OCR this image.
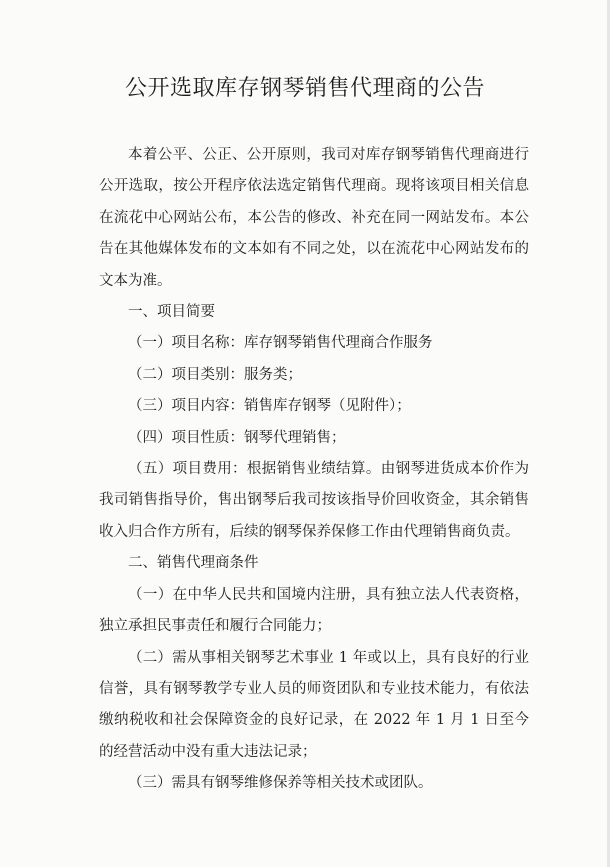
公开选取库存钢琴销售代理商的公告

本着公平、公正、公开原则，我司对库存钢琴销售代理商进行公开选取，按公开程序依法选定销售代理商。现将该项目相关信息在流花中心网站公布，本公告的修改、补充在同一网站发布。本公告在其他媒体发布的文本如有不同之处，以在流花中心网站发布的文本为准。

一、项目简要

（一）项目名称：库存钢琴销售代理商合作服务

（二）项目类别：服务类；

（三）项目内容：销售库存钢琴（见附件）；

（四）项目性质：钢琴代理销售；

（五）项目费用：根据销售业绩结算。由钢琴进货成本价作为我司销售指导价，售出钢琴后我司按该指导价回收资金，其余销售收入归合作方所有，后续的钢琴保养保修工作由代理销售商负责。

二、销售代理商条件

（一）在中华人民共和国境内注册，具有独立法人代表资格，独立承担民事责任和履行合同能力；

（二）需从事相关钢琴艺术事业 1 年或以上，具有良好的行业信誉，具有钢琴教学专业人员的师资团队和专业技术能力，有依法缴纳税收和社会保障资金的良好记录，在 2022 年 1 月 1 日至今的经营活动中没有重大违法记录；

（三）需具有钢琴维修保养等相关技术或团队。
